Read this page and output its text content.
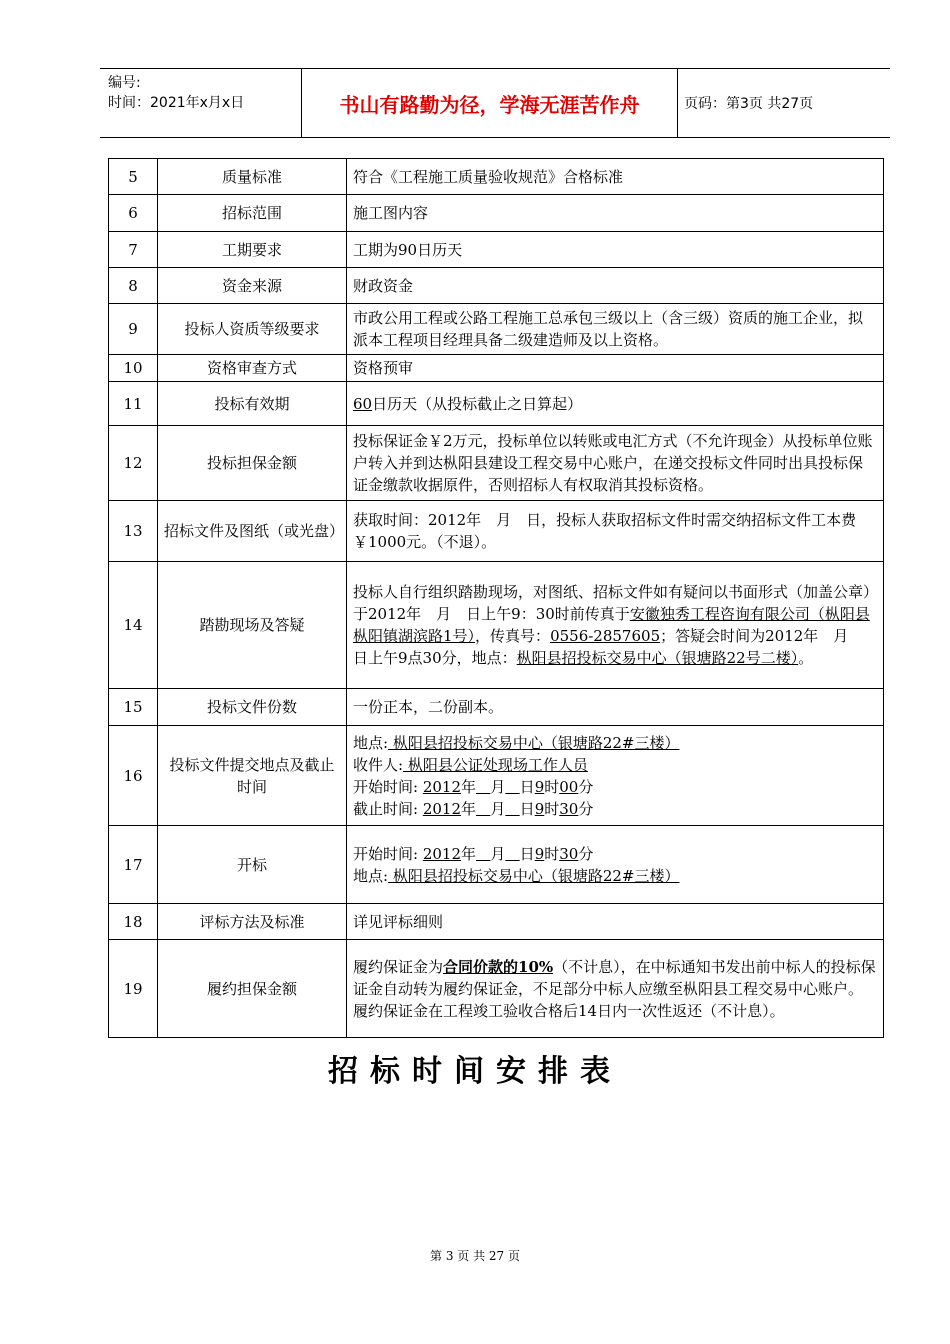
编号:
时间：2021年x月x日	书山有路勤为径，学海无涯苦作舟	页码：第3页 共27页
5	质量标准	符合《工程施工质量验收规范》合格标准
6	招标范围	施工图内容
7	工期要求	工期为90日历天
8	资金来源	财政资金
9	投标人资质等级要求	市政公用工程或公路工程施工总承包三级以上（含三级）资质的施工企业，拟派本工程项目经理具备二级建造师及以上资格。
10	资格审查方式	资格预审
11	投标有效期	60日历天（从投标截止之日算起）
12	投标担保金额	投标保证金￥2万元，投标单位以转账或电汇方式（不允许现金）从投标单位账户转入并到达枞阳县建设工程交易中心账户，在递交投标文件同时出具投标保证金缴款收据原件，否则招标人有权取消其投标资格。
13	招标文件及图纸（或光盘）	获取时间：2012年　月　日，投标人获取招标文件时需交纳招标文件工本费￥1000元。（不退）。
14	踏勘现场及答疑	投标人自行组织踏勘现场，对图纸、招标文件如有疑问以书面形式（加盖公章）于2012年　月　日上午9：30时前传真于安徽独秀工程咨询有限公司（枞阳县枞阳镇湖滨路1号），传真号：0556-2857605；答疑会时间为2012年　月　日上午9点30分，地点：枞阳县招投标交易中心（银塘路22号二楼）。
15	投标文件份数	一份正本，二份副本。
16	投标文件提交地点及截止时间	地点: 枞阳县招投标交易中心（银塘路22#三楼）
收件人: 枞阳县公证处现场工作人员
开始时间: 2012年 月 日9时00分
截止时间: 2012年 月 日9时30分

17	开标	开始时间: 2012年 月 日9时30分
地点: 枞阳县招投标交易中心（银塘路22#三楼）

18	评标方法及标准	详见评标细则
19	履约担保金额	履约保证金为合同价款的10%（不计息），在中标通知书发出前中标人的投标保证金自动转为履约保证金，不足部分中标人应缴至枞阳县工程交易中心账户。履约保证金在工程竣工验收合格后14日内一次性返还（不计息）。
招标时间安排表
第 3 页 共 27 页
